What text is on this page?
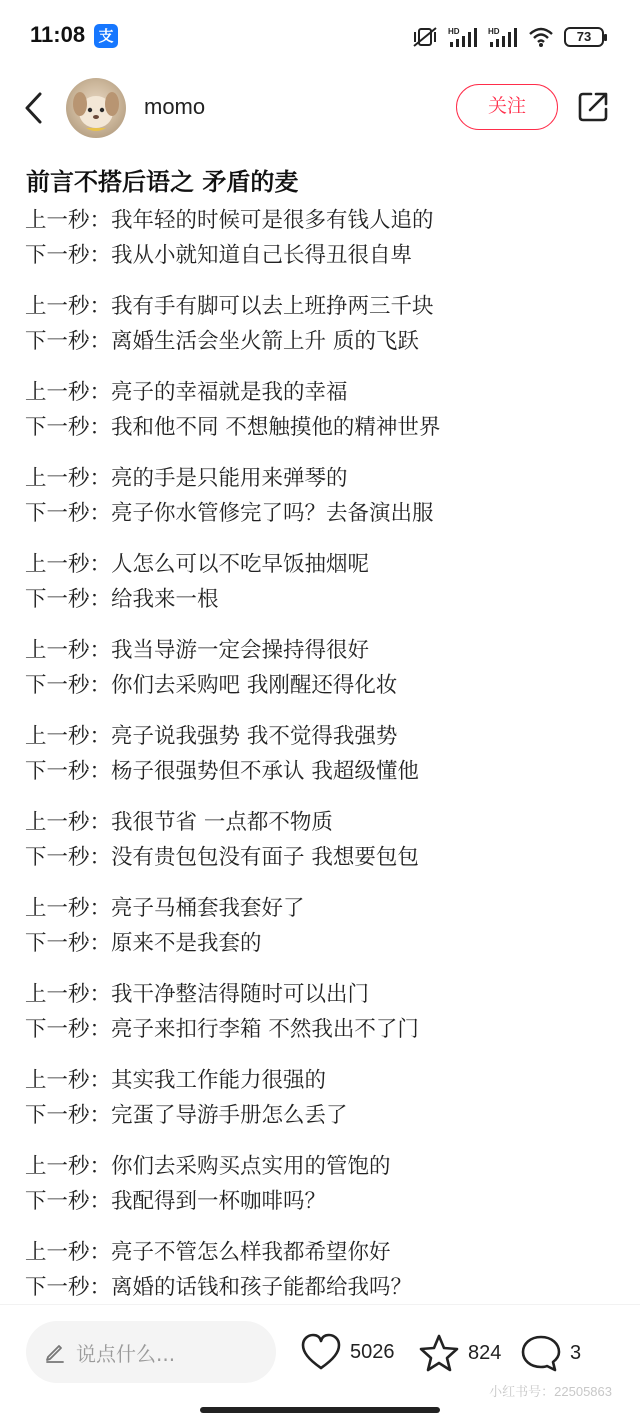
11:08 支	HD	HD	73
momo	关注
前言不搭后语之 矛盾的麦
上一秒：我年轻的时候可是很多有钱人追的
下一秒：我从小就知道自己长得丑很自卑
上一秒：我有手有脚可以去上班挣两三千块
下一秒：离婚生活会坐火箭上升 质的飞跃
上一秒：亮子的幸福就是我的幸福
下一秒：我和他不同 不想触摸他的精神世界
上一秒：亮的手是只能用来弹琴的
下一秒：亮子你水管修完了吗？去备演出服
上一秒：人怎么可以不吃早饭抽烟呢
下一秒：给我来一根
上一秒：我当导游一定会操持得很好
下一秒：你们去采购吧 我刚醒还得化妆
上一秒：亮子说我强势 我不觉得我强势
下一秒：杨子很强势但不承认 我超级懂他
上一秒：我很节省 一点都不物质
下一秒：没有贵包包没有面子 我想要包包
上一秒：亮子马桶套我套好了
下一秒：原来不是我套的
上一秒：我干净整洁得随时可以出门
下一秒：亮子来扣行李箱 不然我出不了门
上一秒：其实我工作能力很强的
下一秒：完蛋了导游手册怎么丢了
上一秒：你们去采购买点实用的管饱的
下一秒：我配得到一杯咖啡吗？
上一秒：亮子不管怎么样我都希望你好
下一秒：离婚的话钱和孩子能都给我吗？
说点什么...	5026	824	3
小红书号：22505863
